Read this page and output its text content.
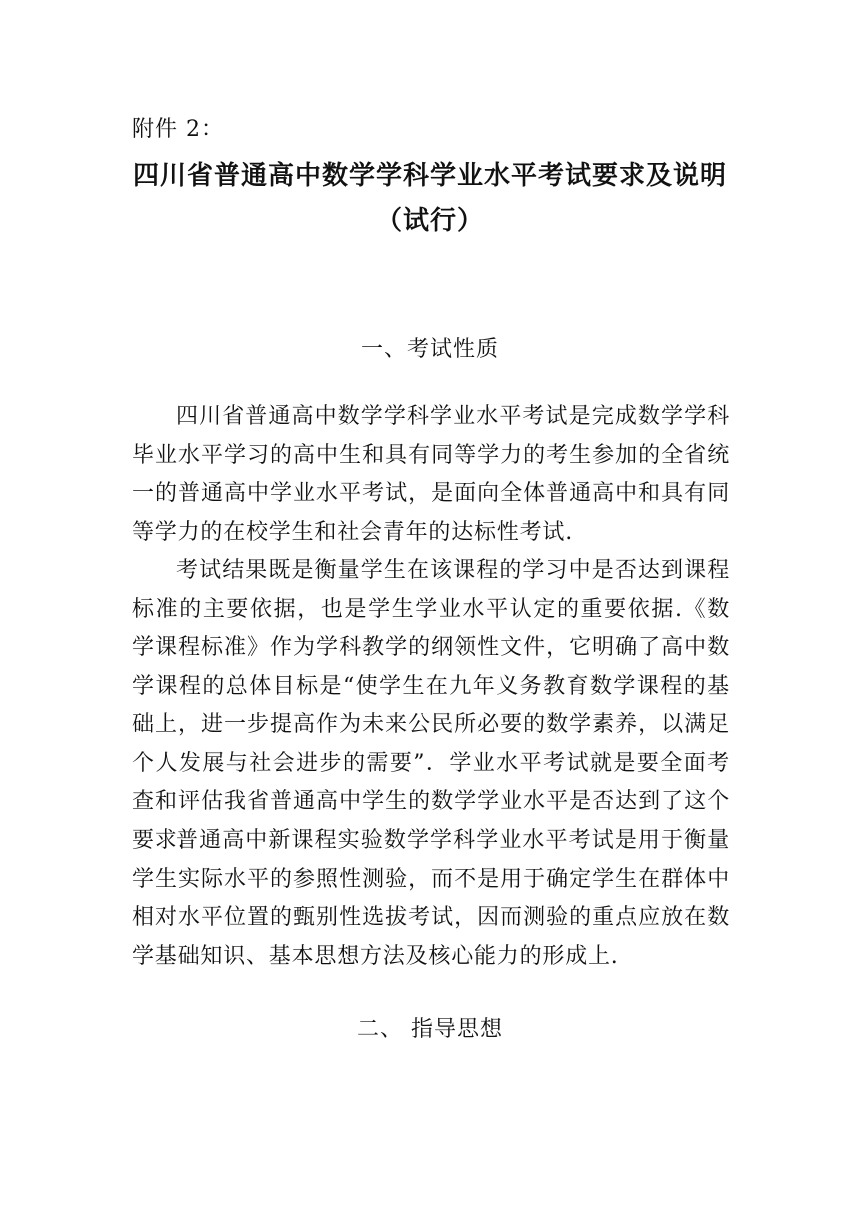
附件 2：
四川省普通高中数学学科学业水平考试要求及说明
（试行）
一、考试性质

四川省普通高中数学学科学业水平考试是完成数学学科毕业水平学习的高中生和具有同等学力的考生参加的全省统一的普通高中学业水平考试，是面向全体普通高中和具有同等学力的在校学生和社会青年的达标性考试.

考试结果既是衡量学生在该课程的学习中是否达到课程标准的主要依据，也是学生学业水平认定的重要依据.《数学课程标准》作为学科教学的纲领性文件，它明确了高中数学课程的总体目标是“使学生在九年义务教育数学课程的基础上，进一步提高作为未来公民所必要的数学素养，以满足个人发展与社会进步的需要”．学业水平考试就是要全面考查和评估我省普通高中学生的数学学业水平是否达到了这个要求.

普通高中新课程实验数学学科学业水平考试是用于衡量学生实际水平的参照性测验，而不是用于确定学生在群体中相对水平位置的甄别性选拔考试，因而测验的重点应放在数学基础知识、基本思想方法及核心能力的形成上.

二、 指导思想
